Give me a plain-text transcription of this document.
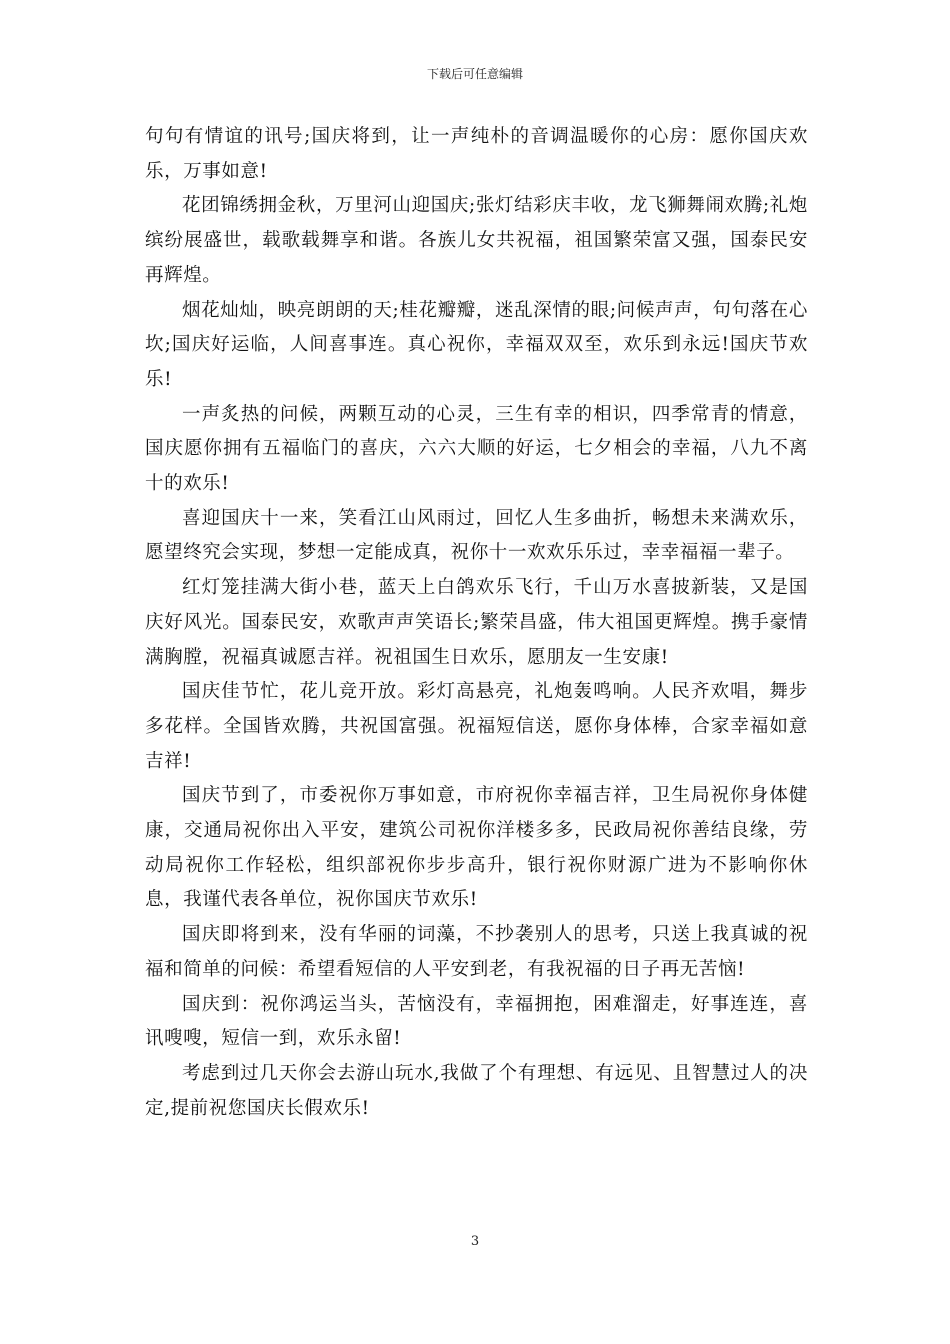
下载后可任意编辑

句句有情谊的讯号;国庆将到，让一声纯朴的音调温暖你的心房：愿你国庆欢乐，万事如意!

花团锦绣拥金秋，万里河山迎国庆;张灯结彩庆丰收，龙飞狮舞闹欢腾;礼炮缤纷展盛世，载歌载舞享和谐。各族儿女共祝福，祖国繁荣富又强，国泰民安再辉煌。

烟花灿灿，映亮朗朗的天;桂花瓣瓣，迷乱深情的眼;问候声声，句句落在心坎;国庆好运临，人间喜事连。真心祝你，幸福双双至，欢乐到永远!国庆节欢乐!

一声炙热的问候，两颗互动的心灵，三生有幸的相识，四季常青的情意，国庆愿你拥有五福临门的喜庆，六六大顺的好运，七夕相会的幸福，八九不离十的欢乐!

喜迎国庆十一来，笑看江山风雨过，回忆人生多曲折，畅想未来满欢乐，愿望终究会实现，梦想一定能成真，祝你十一欢欢乐乐过，幸幸福福一辈子。

红灯笼挂满大街小巷，蓝天上白鸽欢乐飞行，千山万水喜披新装，又是国庆好风光。国泰民安，欢歌声声笑语长;繁荣昌盛，伟大祖国更辉煌。携手豪情满胸膛，祝福真诚愿吉祥。祝祖国生日欢乐，愿朋友一生安康!

国庆佳节忙，花儿竞开放。彩灯高悬亮，礼炮轰鸣响。人民齐欢唱，舞步多花样。全国皆欢腾，共祝国富强。祝福短信送，愿你身体棒，合家幸福如意吉祥!

国庆节到了，市委祝你万事如意，市府祝你幸福吉祥，卫生局祝你身体健康，交通局祝你出入平安，建筑公司祝你洋楼多多，民政局祝你善结良缘，劳动局祝你工作轻松，组织部祝你步步高升，银行祝你财源广进为不影响你休息，我谨代表各单位，祝你国庆节欢乐!

国庆即将到来，没有华丽的词藻，不抄袭别人的思考，只送上我真诚的祝福和简单的问候：希望看短信的人平安到老，有我祝福的日子再无苦恼!

国庆到：祝你鸿运当头，苦恼没有，幸福拥抱，困难溜走，好事连连，喜讯嗖嗖，短信一到，欢乐永留!

考虑到过几天你会去游山玩水,我做了个有理想、有远见、且智慧过人的决定,提前祝您国庆长假欢乐!

3
